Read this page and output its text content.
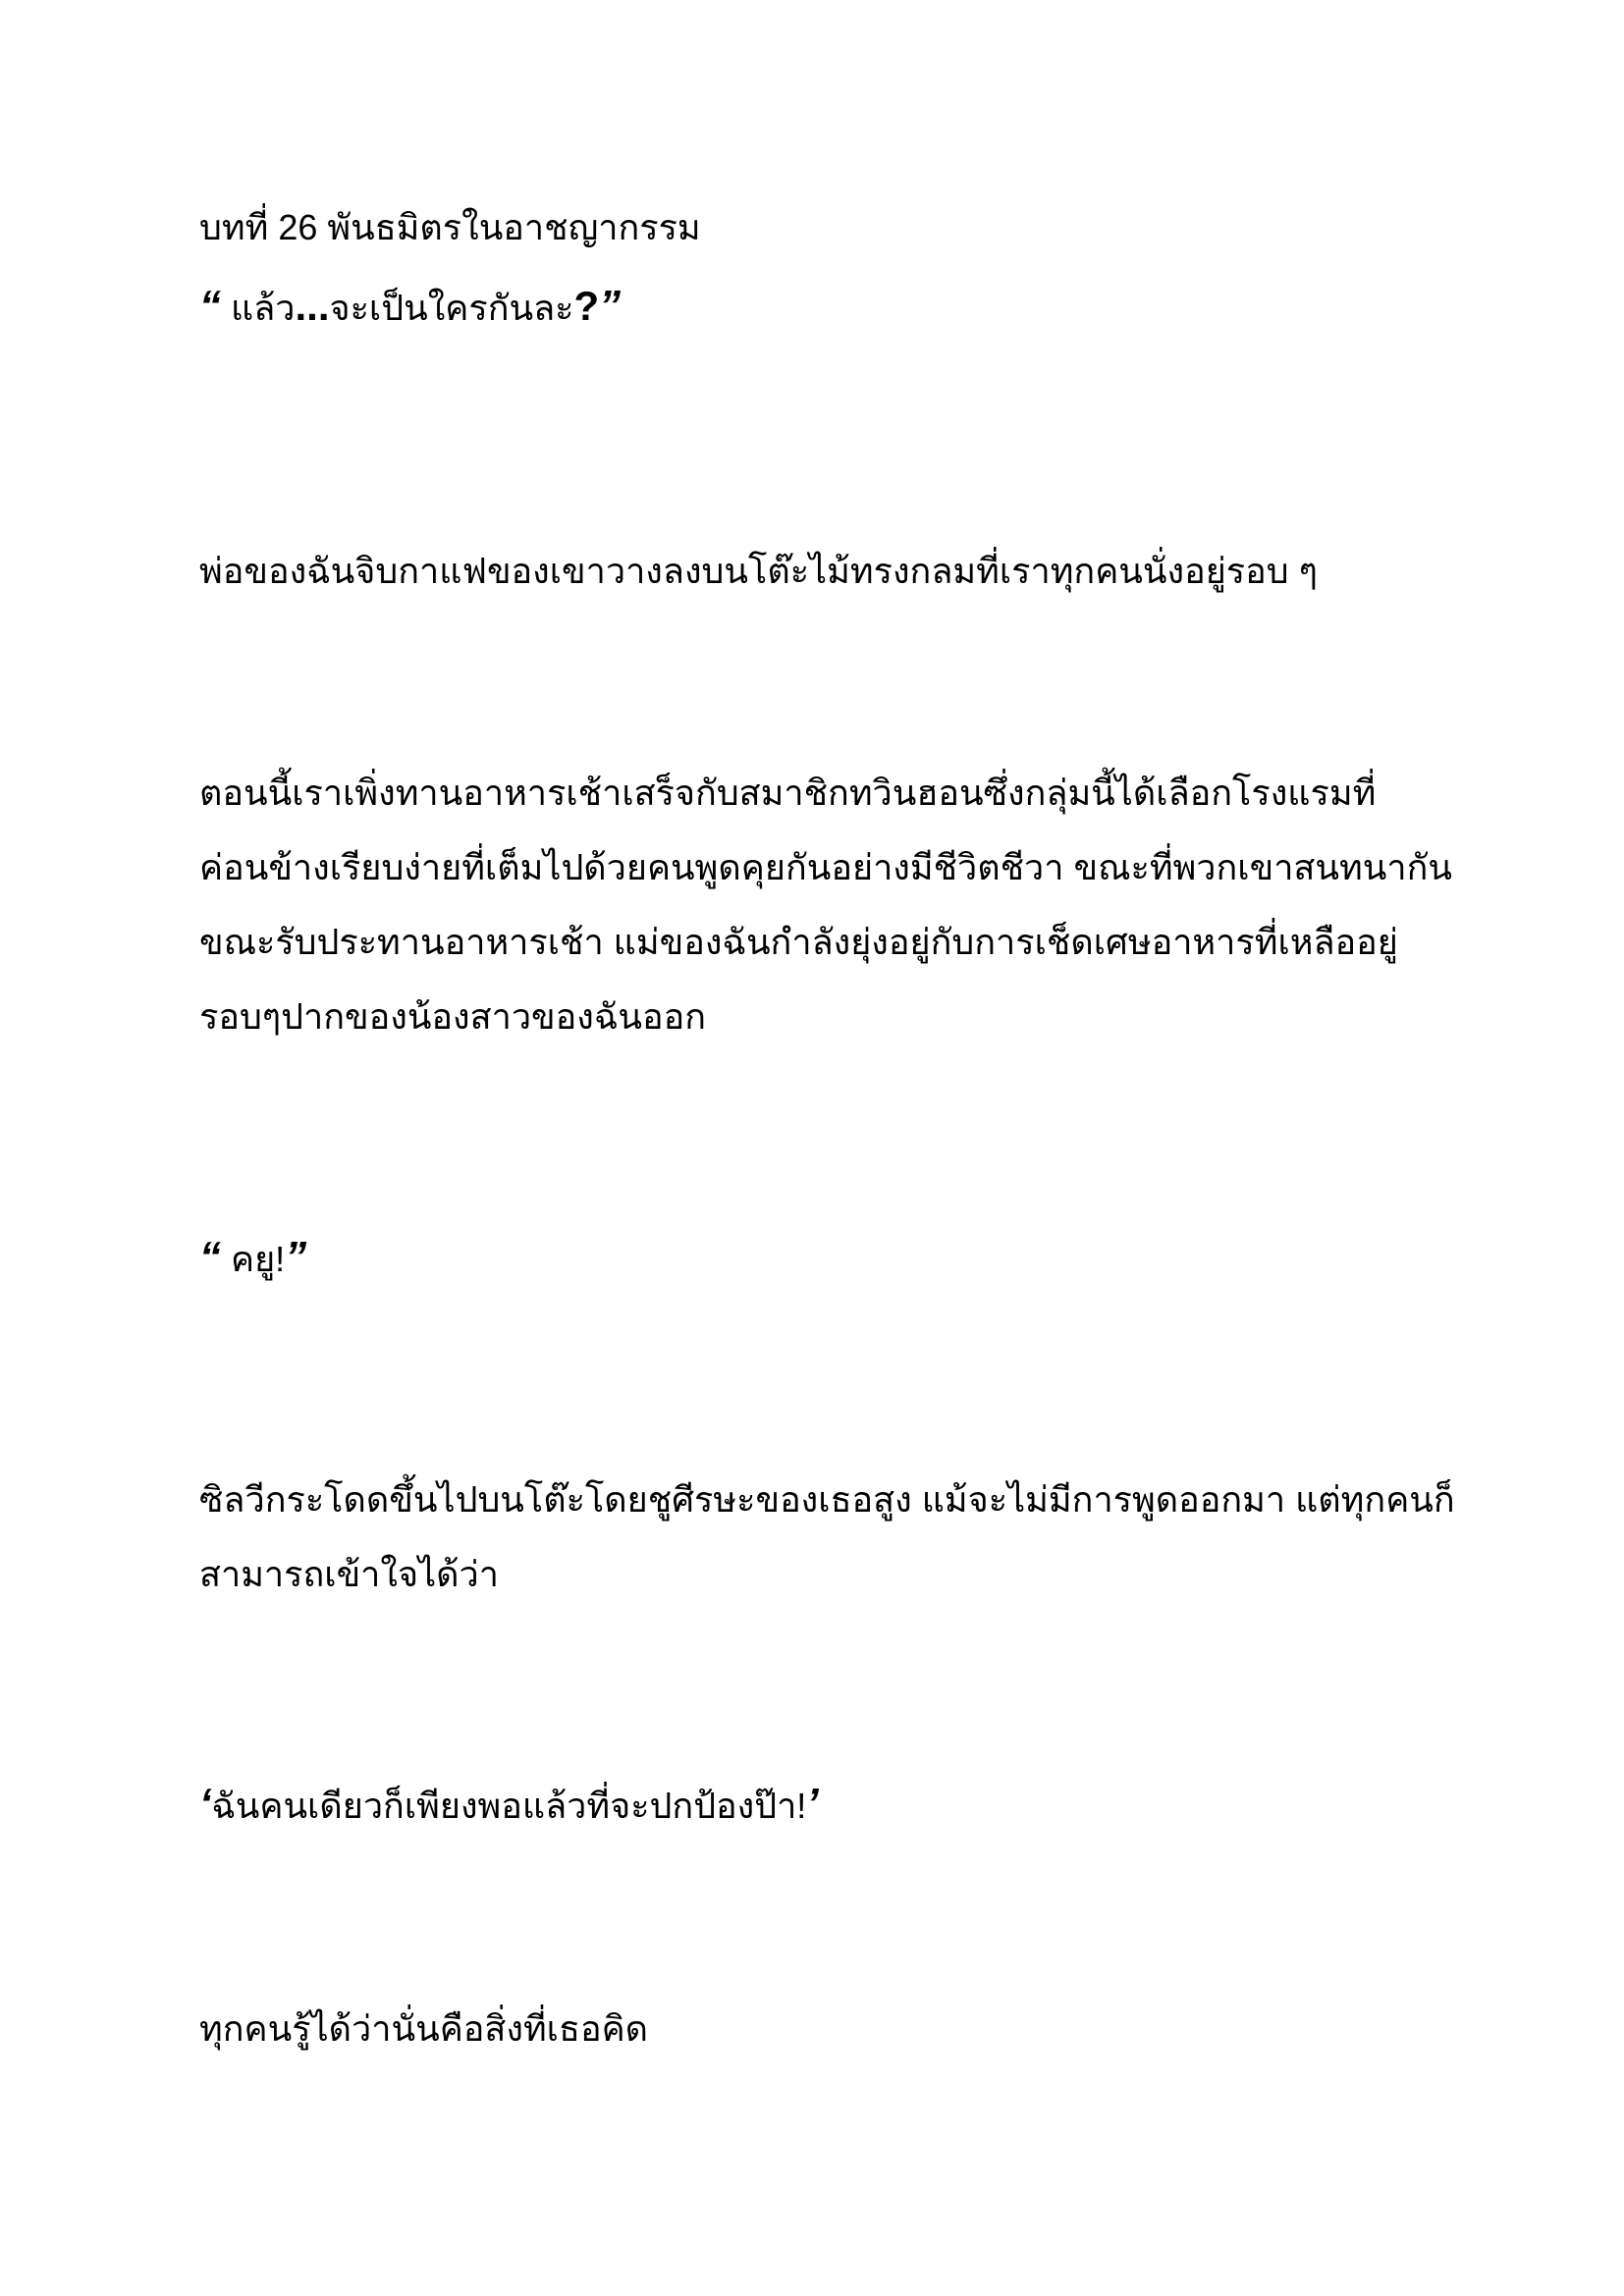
บทที่ 26 พันธมิตรในอาชญากรรม

“ แล้ว...จะเป็นใครกันละ?”

พ่อของฉันจิบกาแฟของเขาวางลงบนโต๊ะไม้ทรงกลมที่เราทุกคนนั่งอยู่รอบ ๆ

ตอนนี้เราเพิ่งทานอาหารเช้าเสร็จกับสมาชิกทวินฮอนซึ่งกลุ่มนี้ได้เลือกโรงแรมที่
ค่อนข้างเรียบง่ายที่เต็มไปด้วยคนพูดคุยกันอย่างมีชีวิตชีวา ขณะที่พวกเขาสนทนากัน
ขณะรับประทานอาหารเช้า แม่ของฉันกำลังยุ่งอยู่กับการเช็ดเศษอาหารที่เหลืออยู่
รอบๆปากของน้องสาวของฉันออก

“ คยู!”

ซิลวีกระโดดขึ้นไปบนโต๊ะโดยชูศีรษะของเธอสูง แม้จะไม่มีการพูดออกมา แต่ทุกคนก็
สามารถเข้าใจได้ว่า

‘ฉันคนเดียวก็เพียงพอแล้วที่จะปกป้องป๊า!’

ทุกคนรู้ได้ว่านั่นคือสิ่งที่เธอคิด
